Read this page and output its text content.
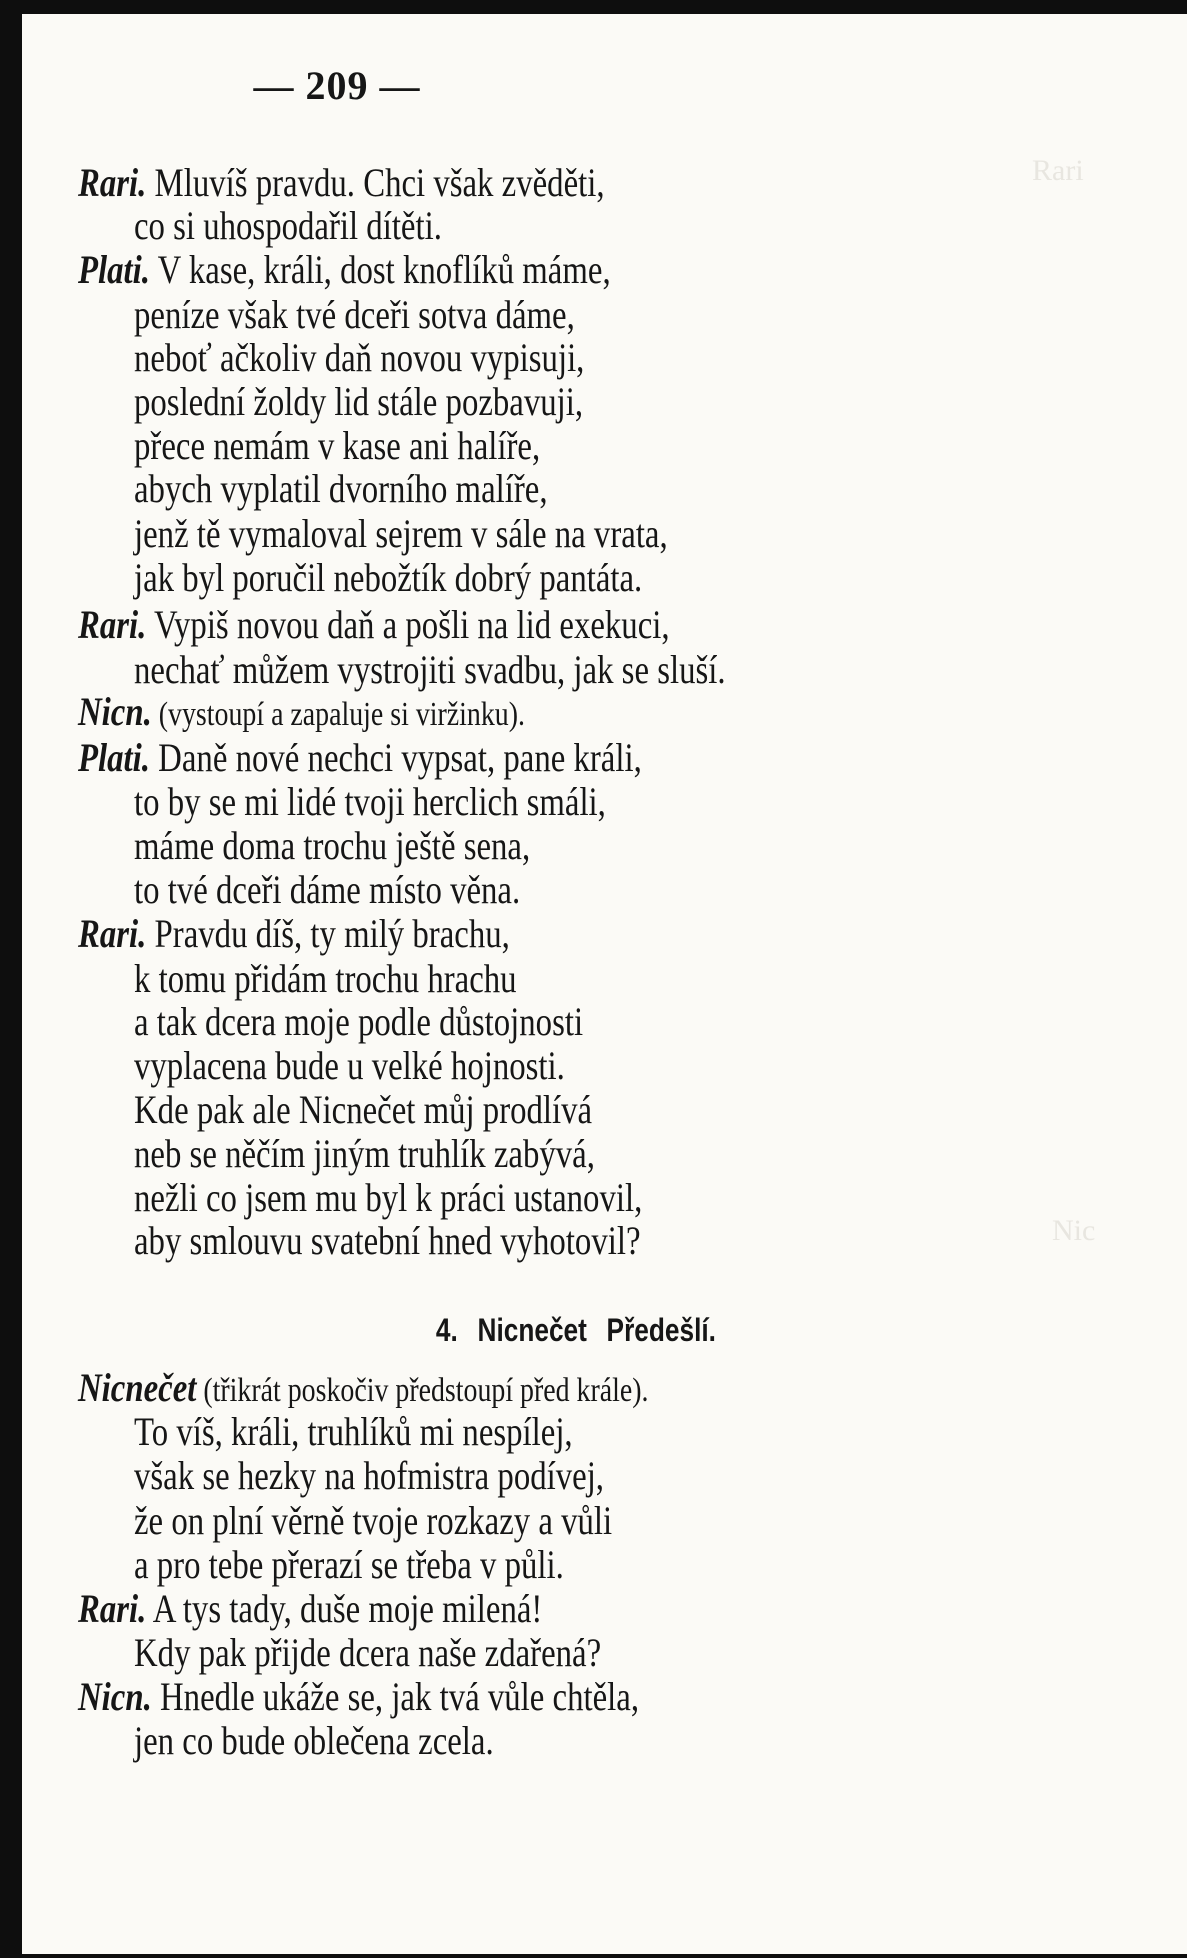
Rari
Nic
— 209 —
Rari. Mluvíš pravdu. Chci však zvěděti,
co si uhospodařil dítěti.
Plati. V kase, králi, dost knoflíků máme,
peníze však tvé dceři sotva dáme,
neboť ačkoliv daň novou vypisuji,
poslední žoldy lid stále pozbavuji,
přece nemám v kase ani halíře,
abych vyplatil dvorního malíře,
jenž tě vymaloval sejrem v sále na vrata,
jak byl poručil nebožtík dobrý pantáta.
Rari. Vypiš novou daň a pošli na lid exekuci,
nechať můžem vystrojiti svadbu, jak se sluší.
Nicn. (vystoupí a zapaluje si viržinku).
Plati. Daně nové nechci vypsat, pane králi,
to by se mi lidé tvoji herclich smáli,
máme doma trochu ještě sena,
to tvé dceři dáme místo věna.
Rari. Pravdu díš, ty milý brachu,
k tomu přidám trochu hrachu
a tak dcera moje podle důstojnosti
vyplacena bude u velké hojnosti.
Kde pak ale Nicnečet můj prodlívá
neb se něčím jiným truhlík zabývá,
nežli co jsem mu byl k práci ustanovil,
aby smlouvu svatební hned vyhotovil?
Nicnečet (třikrát poskočiv předstoupí před krále).
To víš, králi, truhlíků mi nespílej,
však se hezky na hofmistra podívej,
že on plní věrně tvoje rozkazy a vůli
a pro tebe přerazí se třeba v půli.
Rari. A tys tady, duše moje milená!
Kdy pak přijde dcera naše zdařená?
Nicn. Hnedle ukáže se, jak tvá vůle chtěla,
jen co bude oblečena zcela.
4. Nicnečet Předešlí.
